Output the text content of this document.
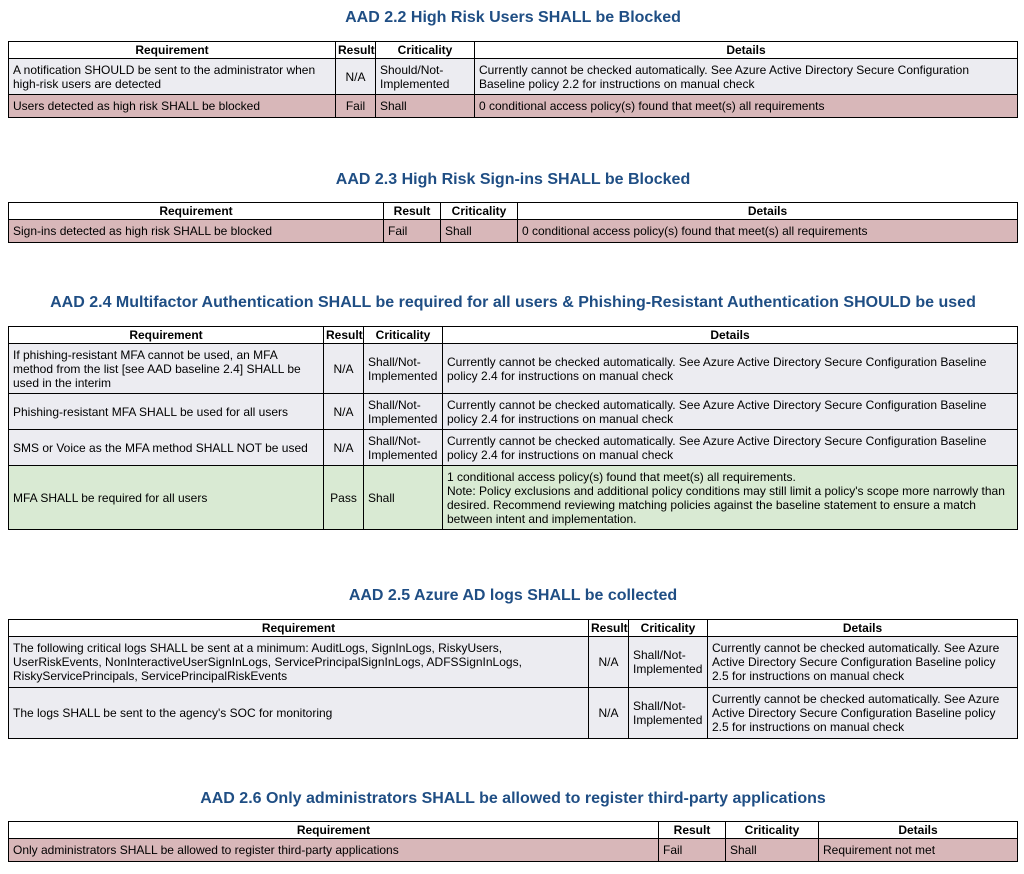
AAD 2.2 High Risk Users SHALL be Blocked
Requirement	Result	Criticality	Details
A notification SHOULD be sent to the administrator when high-risk users are detected	N/A	Should/Not-Implemented	Currently cannot be checked automatically. See Azure Active Directory Secure Configuration Baseline policy 2.2 for instructions on manual check
Users detected as high risk SHALL be blocked	Fail	Shall	0 conditional access policy(s) found that meet(s) all requirements
AAD 2.3 High Risk Sign-ins SHALL be Blocked
Requirement	Result	Criticality	Details
Sign-ins detected as high risk SHALL be blocked	Fail	Shall	0 conditional access policy(s) found that meet(s) all requirements
AAD 2.4 Multifactor Authentication SHALL be required for all users & Phishing-Resistant Authentication SHOULD be used
Requirement	Result	Criticality	Details
If phishing-resistant MFA cannot be used, an MFA method from the list [see AAD baseline 2.4] SHALL be used in the interim	N/A	Shall/Not-Implemented	Currently cannot be checked automatically. See Azure Active Directory Secure Configuration Baseline policy 2.4 for instructions on manual check
Phishing-resistant MFA SHALL be used for all users	N/A	Shall/Not-Implemented	Currently cannot be checked automatically. See Azure Active Directory Secure Configuration Baseline policy 2.4 for instructions on manual check
SMS or Voice as the MFA method SHALL NOT be used	N/A	Shall/Not-Implemented	Currently cannot be checked automatically. See Azure Active Directory Secure Configuration Baseline policy 2.4 for instructions on manual check
MFA SHALL be required for all users	Pass	Shall	1 conditional access policy(s) found that meet(s) all requirements.
Note: Policy exclusions and additional policy conditions may still limit a policy's scope more narrowly than desired. Recommend reviewing matching policies against the baseline statement to ensure a match between intent and implementation.
AAD 2.5 Azure AD logs SHALL be collected
Requirement	Result	Criticality	Details
The following critical logs SHALL be sent at a minimum: AuditLogs, SignInLogs, RiskyUsers, UserRiskEvents, NonInteractiveUserSignInLogs, ServicePrincipalSignInLogs, ADFSSignInLogs, RiskyServicePrincipals, ServicePrincipalRiskEvents	N/A	Shall/Not-Implemented	Currently cannot be checked automatically. See Azure Active Directory Secure Configuration Baseline policy 2.5 for instructions on manual check
The logs SHALL be sent to the agency's SOC for monitoring	N/A	Shall/Not-Implemented	Currently cannot be checked automatically. See Azure Active Directory Secure Configuration Baseline policy 2.5 for instructions on manual check
AAD 2.6 Only administrators SHALL be allowed to register third-party applications
Requirement	Result	Criticality	Details
Only administrators SHALL be allowed to register third-party applications	Fail	Shall	Requirement not met
